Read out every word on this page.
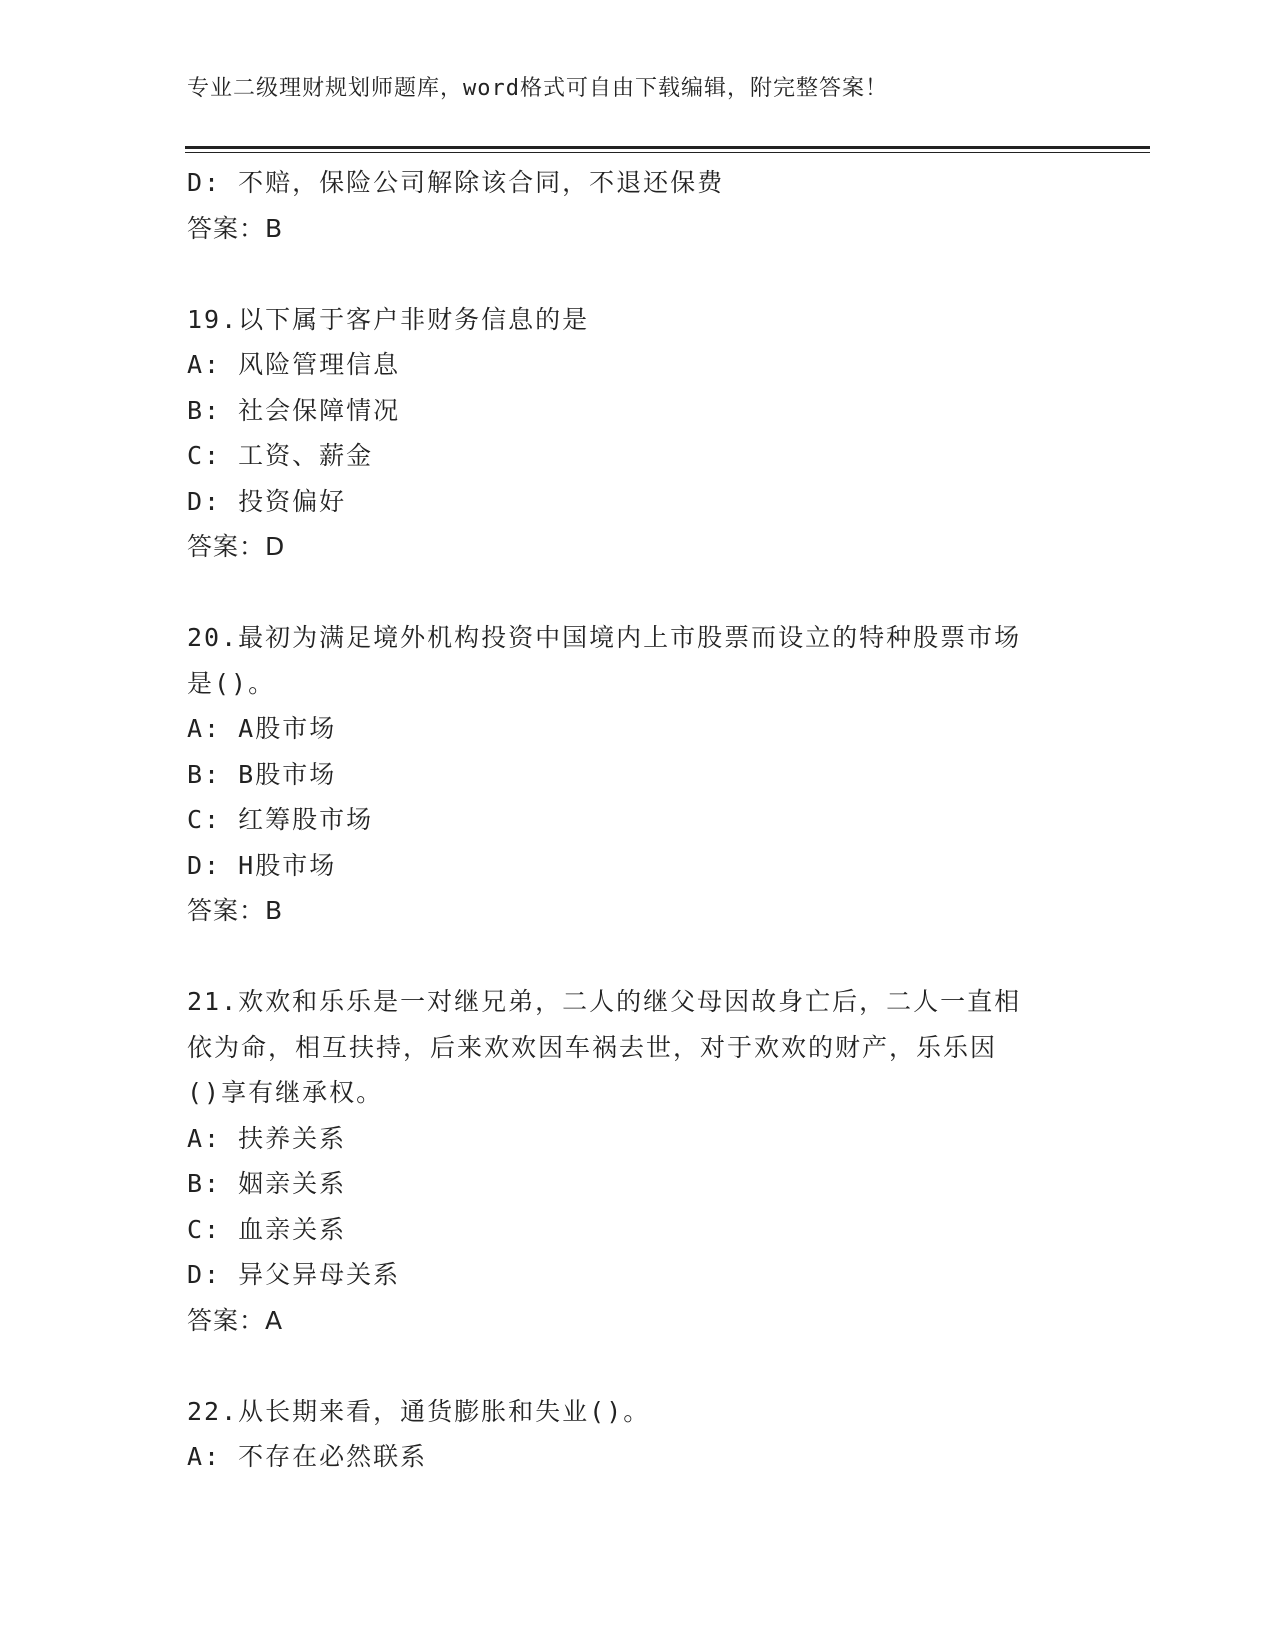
专业二级理财规划师题库，word格式可自由下载编辑，附完整答案！
D: 不赔，保险公司解除该合同，不退还保费
答案：B
19.以下属于客户非财务信息的是
A: 风险管理信息
B: 社会保障情况
C: 工资、薪金
D: 投资偏好
答案：D
20.最初为满足境外机构投资中国境内上市股票而设立的特种股票市场
是()。
A: A股市场
B: B股市场
C: 红筹股市场
D: H股市场
答案：B
21.欢欢和乐乐是一对继兄弟，二人的继父母因故身亡后，二人一直相
依为命，相互扶持，后来欢欢因车祸去世，对于欢欢的财产，乐乐因
()享有继承权。
A: 扶养关系
B: 姻亲关系
C: 血亲关系
D: 异父异母关系
答案：A
22.从长期来看，通货膨胀和失业()。
A: 不存在必然联系
